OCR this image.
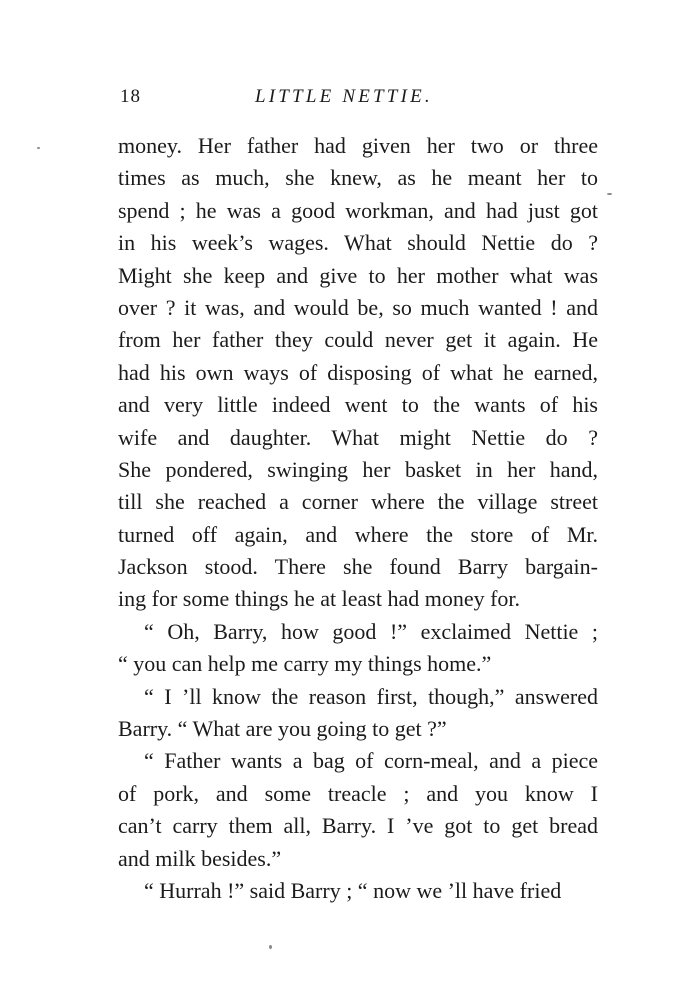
18	LITTLE NETTIE.
money. Her father had given her two or three
times as much, she knew, as he meant her to
spend ; he was a good workman, and had just got
in his week’s wages. What should Nettie do ?
Might she keep and give to her mother what was
over ? it was, and would be, so much wanted ! and
from her father they could never get it again. He
had his own ways of disposing of what he earned,
and very little indeed went to the wants of his
wife and daughter. What might Nettie do ?
She pondered, swinging her basket in her hand,
till she reached a corner where the village street
turned off again, and where the store of Mr.
Jackson stood. There she found Barry bargain-
ing for some things he at least had money for.
“ Oh, Barry, how good !” exclaimed Nettie ;
“ you can help me carry my things home.”
“ I ’ll know the reason first, though,” answered
Barry. “ What are you going to get ?”
“ Father wants a bag of corn-meal, and a piece
of pork, and some treacle ; and you know I
can’t carry them all, Barry. I ’ve got to get bread
and milk besides.”
“ Hurrah !” said Barry ; “ now we ’ll have fried
